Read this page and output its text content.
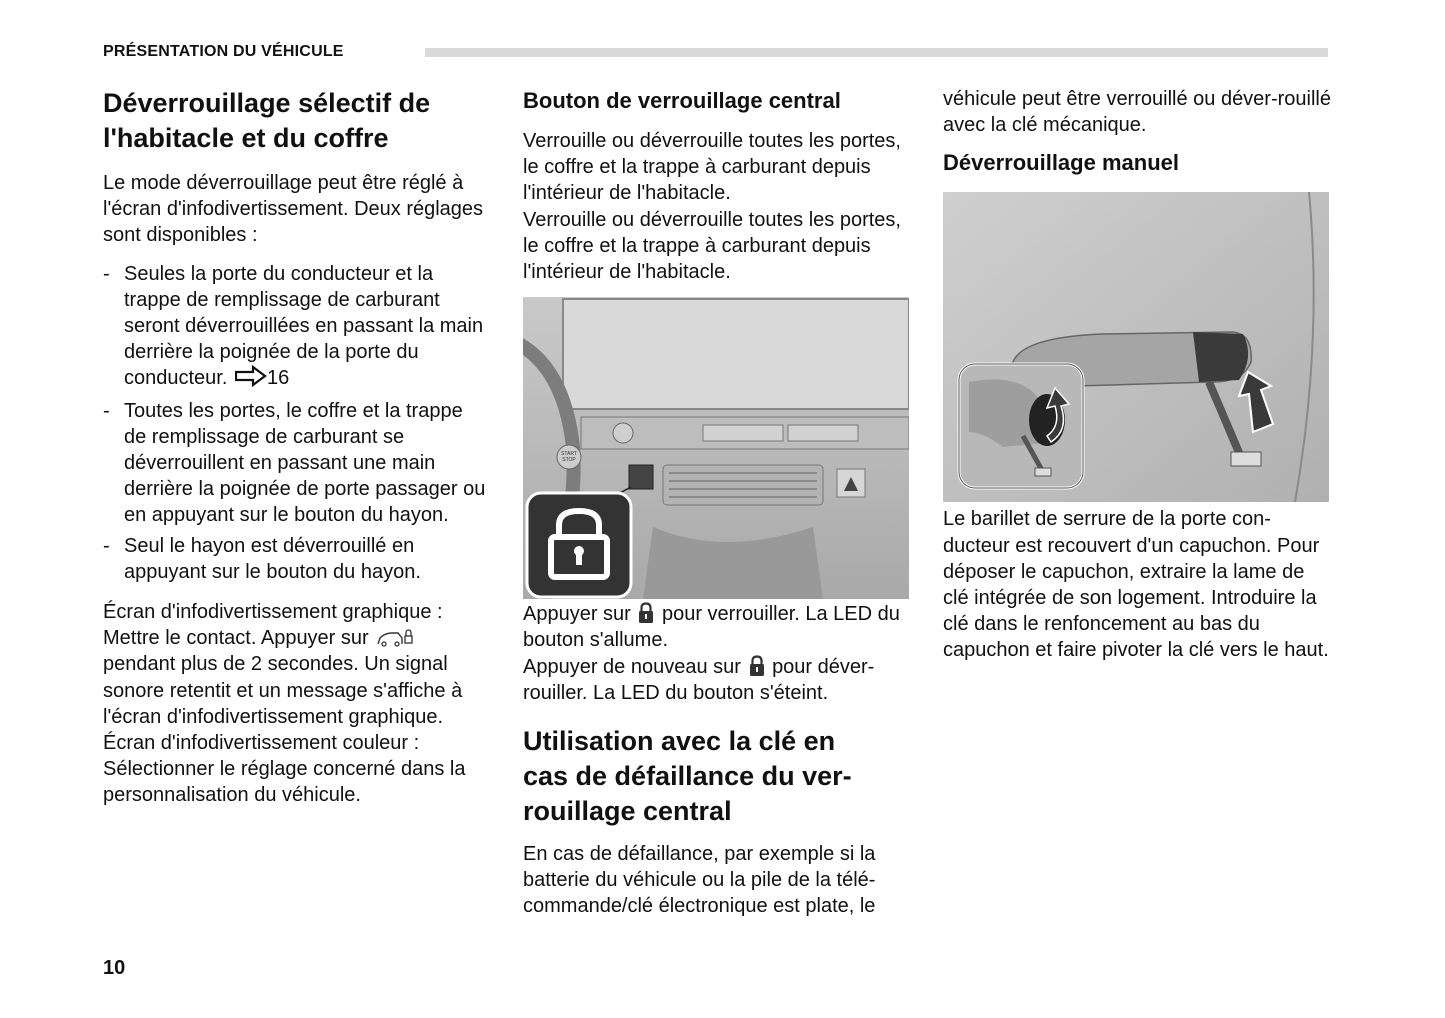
PRÉSENTATION DU VÉHICULE
Déverrouillage sélectif de
l'habitacle et du coffre

Le mode déverrouillage peut être réglé à l'écran d'infodivertissement. Deux réglages sont disponibles :

- Seules la porte du conducteur et la trappe de remplissage de carburant seront déverrouillées en passant la main derrière la poignée de la porte du conducteur. 16
- Toutes les portes, le coffre et la trappe de remplissage de carburant se déverrouillent en passant une main derrière la poignée de porte passager ou en appuyant sur le bouton du hayon.
- Seul le hayon est déverrouillé en appuyant sur le bouton du hayon.

Écran d'infodivertissement graphique :
Mettre le contact. Appuyer sur  pendant plus de 2 secondes. Un signal sonore retentit et un message s'affiche à l'écran d'infodivertissement graphique.
Écran d'infodivertissement couleur :
Sélectionner le réglage concerné dans la personnalisation du véhicule.

Bouton de verrouillage central

Verrouille ou déverrouille toutes les portes, le coffre et la trappe à carburant depuis l'intérieur de l'habitacle.
Verrouille ou déverrouille toutes les portes, le coffre et la trappe à carburant depuis l'intérieur de l'habitacle.

START
STOP

Appuyer sur pour verrouiller. La LED du bouton s'allume.
Appuyer de nouveau sur pour déver-rouiller. La LED du bouton s'éteint.

Utilisation avec la clé en
cas de défaillance du ver-
rouillage central

En cas de défaillance, par exemple si la batterie du véhicule ou la pile de la télé-commande/clé électronique est plate, le

véhicule peut être verrouillé ou déver-rouillé avec la clé mécanique.

Déverrouillage manuel

Le barillet de serrure de la porte con-ducteur est recouvert d'un capuchon. Pour déposer le capuchon, extraire la lame de clé intégrée de son logement. Introduire la clé dans le renfoncement au bas du capuchon et faire pivoter la clé vers le haut.

10
